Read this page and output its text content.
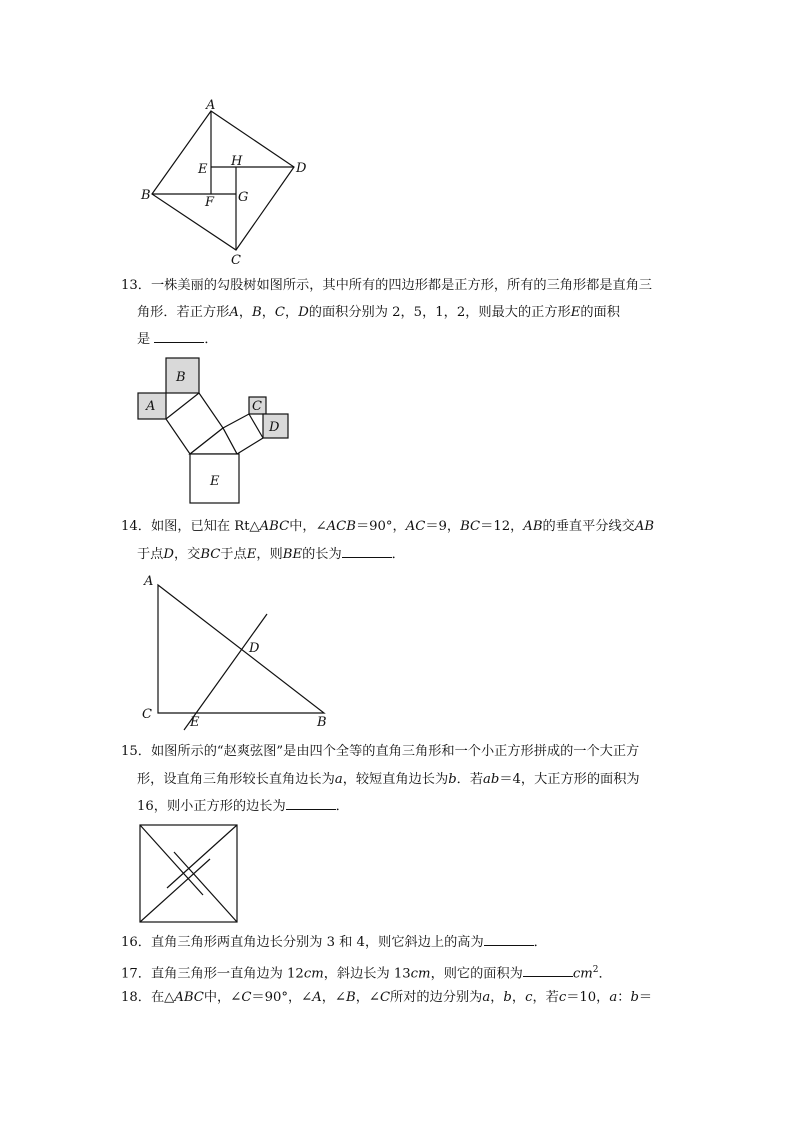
A
B
C
D
E
F G
H
13．一株美丽的勾股树如图所示，其中所有的四边形都是正方形，所有的三角形都是直角三
角形．若正方形A，B，C，D的面积分别为 2，5，1，2，则最大的正方形E的面积
是	．
B
A	C
D
E
14．如图，已知在 Rt△ABC中，∠ACB＝90°，AC＝9，BC＝12，AB的垂直平分线交AB
于点D，交BC于点E，则BE的长为	．
A
C
B
D
E
15．如图所示的“赵爽弦图”是由四个全等的直角三角形和一个小正方形拼成的一个大正方
形，设直角三角形较长直角边长为a，较短直角边长为b．若ab＝4，大正方形的面积为
16，则小正方形的边长为	．
16．直角三角形两直角边长分别为 3 和 4，则它斜边上的高为	．
17．直角三角形一直角边为 12cm，斜边长为 13cm，则它的面积为	$cm^2$．
18．在△ABC中，∠C＝90°，∠A，∠B，∠C所对的边分别为a，b，c，若c＝10，a：b＝
